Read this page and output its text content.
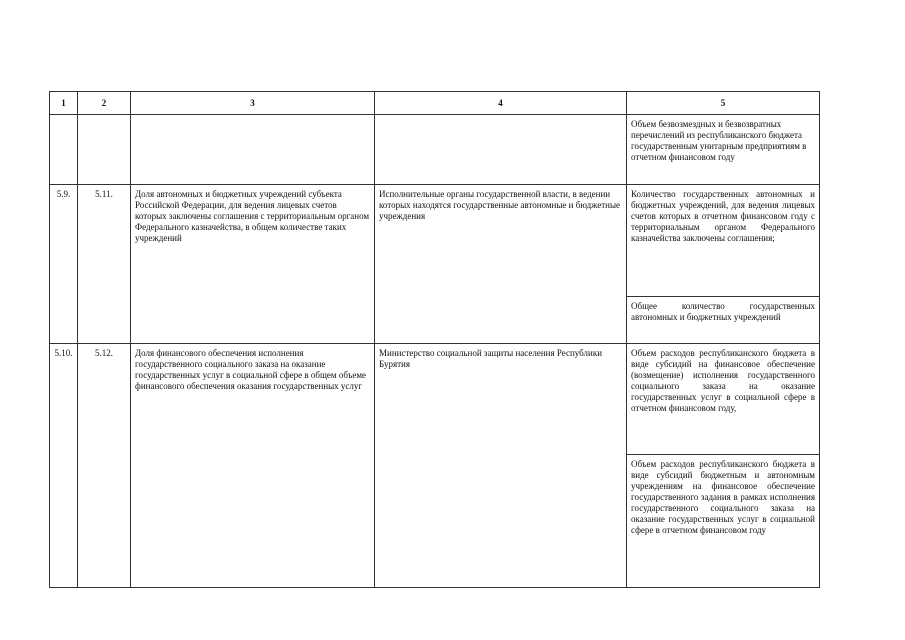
1	2	3	4	5
				Объем безвозмездных и безвозвратных перечислений из республиканского бюджета государственным унитарным предприятиям в отчетном финансовом году
5.9.	5.11.	Доля автономных и бюджетных учреждений субъекта Российской Федерации, для ведения лицевых счетов которых заключены соглашения с территориальным органом Федерального казначейства, в общем количестве таких учреждений	Исполнительные органы государственной власти, в ведении которых находятся государственные автономные и бюджетные учреждения	Количество государственных автономных и бюджетных учреждений, для ведения лицевых счетов которых в отчетном финансовом году с территориальным органом Федерального казначейства заключены соглашения;
				Общее количество государственных автономных и бюджетных учреждений
5.10.	5.12.	Доля финансового обеспечения исполнения государственного социального заказа на оказание государственных услуг в социальной сфере в общем объеме финансового обеспечения оказания государственных услуг	Министерство социальной защиты населения Республики Бурятия	Объем расходов республиканского бюджета в виде субсидий на финансовое обеспечение (возмещение) исполнения государственного социального заказа на оказание государственных услуг в социальной сфере в отчетном финансовом году,
				Объем расходов республиканского бюджета в виде субсидий бюджетным и автономным учреждениям на финансовое обеспечение государственного задания в рамках исполнения государственного социального заказа на оказание государственных услуг в социальной сфере в отчетном финансовом году
